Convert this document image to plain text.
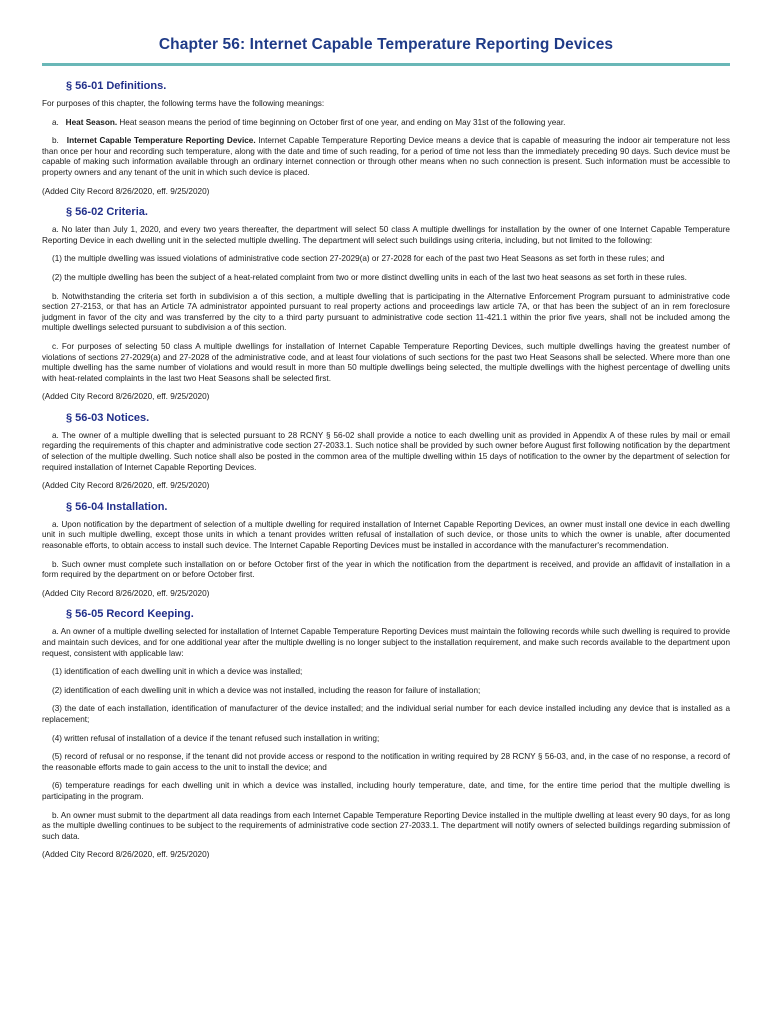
Chapter 56: Internet Capable Temperature Reporting Devices
§ 56-01 Definitions.

For purposes of this chapter, the following terms have the following meanings:

a. Heat Season. Heat season means the period of time beginning on October first of one year, and ending on May 31st of the following year.

b. Internet Capable Temperature Reporting Device. Internet Capable Temperature Reporting Device means a device that is capable of measuring the indoor air temperature not less than once per hour and recording such temperature, along with the date and time of such reading, for a period of time not less than the immediately preceding 90 days. Such device must be capable of making such information available through an ordinary internet connection or through other means when no such connection is present. Such information must be accessible to property owners and any tenant of the unit in which such device is placed.

(Added City Record 8/26/2020, eff. 9/25/2020)

§ 56-02 Criteria.

a. No later than July 1, 2020, and every two years thereafter, the department will select 50 class A multiple dwellings for installation by the owner of one Internet Capable Temperature Reporting Device in each dwelling unit in the selected multiple dwelling. The department will select such buildings using criteria, including, but not limited to the following:

(1) the multiple dwelling was issued violations of administrative code section 27-2029(a) or 27-2028 for each of the past two Heat Seasons as set forth in these rules; and

(2) the multiple dwelling has been the subject of a heat-related complaint from two or more distinct dwelling units in each of the last two heat seasons as set forth in these rules.

b. Notwithstanding the criteria set forth in subdivision a of this section, a multiple dwelling that is participating in the Alternative Enforcement Program pursuant to administrative code section 27-2153, or that has an Article 7A administrator appointed pursuant to real property actions and proceedings law article 7A, or that has been the subject of an in rem foreclosure judgment in favor of the city and was transferred by the city to a third party pursuant to administrative code section 11-421.1 within the prior five years, shall not be included among the multiple dwellings selected pursuant to subdivision a of this section.

c. For purposes of selecting 50 class A multiple dwellings for installation of Internet Capable Temperature Reporting Devices, such multiple dwellings having the greatest number of violations of sections 27-2029(a) and 27-2028 of the administrative code, and at least four violations of such sections for the past two Heat Seasons shall be selected. Where more than one multiple dwelling has the same number of violations and would result in more than 50 multiple dwellings being selected, the multiple dwellings with the highest percentage of dwelling units with heat-related complaints in the last two Heat Seasons shall be selected first.

(Added City Record 8/26/2020, eff. 9/25/2020)

§ 56-03 Notices.

a. The owner of a multiple dwelling that is selected pursuant to 28 RCNY § 56-02 shall provide a notice to each dwelling unit as provided in Appendix A of these rules by mail or email regarding the requirements of this chapter and administrative code section 27-2033.1. Such notice shall be provided by such owner before August first following notification by the department of selection of the multiple dwelling. Such notice shall also be posted in the common area of the multiple dwelling within 15 days of notification to the owner by the department of selection for required installation of Internet Capable Reporting Devices.

(Added City Record 8/26/2020, eff. 9/25/2020)

§ 56-04 Installation.

a. Upon notification by the department of selection of a multiple dwelling for required installation of Internet Capable Reporting Devices, an owner must install one device in each dwelling unit in such multiple dwelling, except those units in which a tenant provides written refusal of installation of such device, or those units to which the owner is unable, after documented reasonable efforts, to obtain access to install such device. The Internet Capable Reporting Devices must be installed in accordance with the manufacturer's recommendation.

b. Such owner must complete such installation on or before October first of the year in which the notification from the department is received, and provide an affidavit of installation in a form required by the department on or before October first.

(Added City Record 8/26/2020, eff. 9/25/2020)

§ 56-05 Record Keeping.

a. An owner of a multiple dwelling selected for installation of Internet Capable Temperature Reporting Devices must maintain the following records while such dwelling is required to provide and maintain such devices, and for one additional year after the multiple dwelling is no longer subject to the installation requirement, and make such records available to the department upon request, consistent with applicable law:

(1) identification of each dwelling unit in which a device was installed;

(2) identification of each dwelling unit in which a device was not installed, including the reason for failure of installation;

(3) the date of each installation, identification of manufacturer of the device installed; and the individual serial number for each device installed including any device that is installed as a replacement;

(4) written refusal of installation of a device if the tenant refused such installation in writing;

(5) record of refusal or no response, if the tenant did not provide access or respond to the notification in writing required by 28 RCNY § 56-03, and, in the case of no response, a record of the reasonable efforts made to gain access to the unit to install the device; and

(6) temperature readings for each dwelling unit in which a device was installed, including hourly temperature, date, and time, for the entire time period that the multiple dwelling is participating in the program.

b. An owner must submit to the department all data readings from each Internet Capable Temperature Reporting Device installed in the multiple dwelling at least every 90 days, for as long as the multiple dwelling continues to be subject to the requirements of administrative code section 27-2033.1. The department will notify owners of selected buildings regarding submission of such data.

(Added City Record 8/26/2020, eff. 9/25/2020)
